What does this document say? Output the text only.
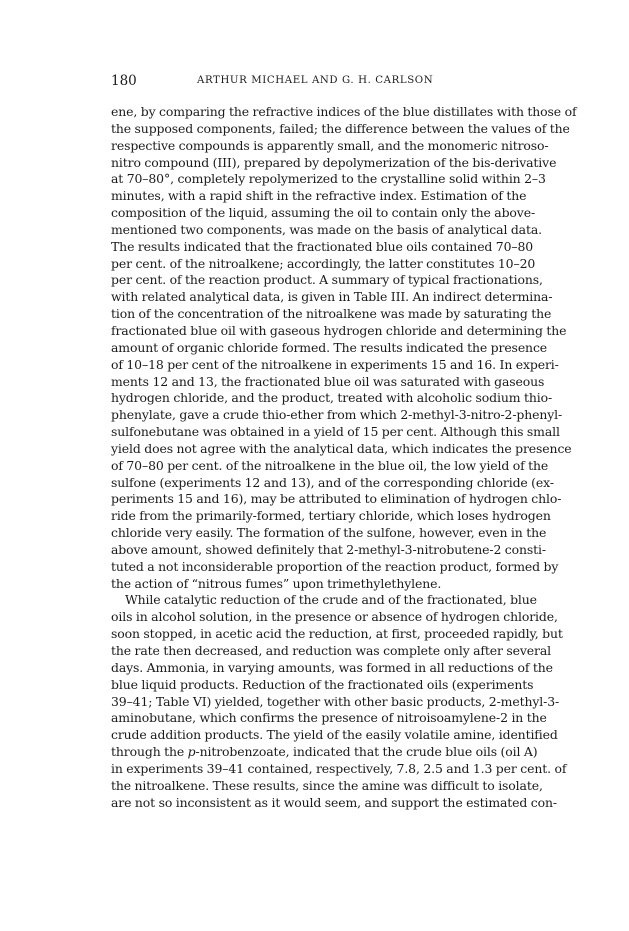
180	ARTHUR MICHAEL AND G. H. CARLSON
ene, by comparing the refractive indices of the blue distillates with those of
the supposed components, failed; the difference between the values of the
respective compounds is apparently small, and the monomeric nitroso-
nitro compound (III), prepared by depolymerization of the bis-derivative
at 70–80°, completely repolymerized to the crystalline solid within 2–3
minutes, with a rapid shift in the refractive index. Estimation of the
composition of the liquid, assuming the oil to contain only the above-
mentioned two components, was made on the basis of analytical data.
The results indicated that the fractionated blue oils contained 70–80
per cent. of the nitroalkene; accordingly, the latter constitutes 10–20
per cent. of the reaction product. A summary of typical fractionations,
with related analytical data, is given in Table III. An indirect determina-
tion of the concentration of the nitroalkene was made by saturating the
fractionated blue oil with gaseous hydrogen chloride and determining the
amount of organic chloride formed. The results indicated the presence
of 10–18 per cent of the nitroalkene in experiments 15 and 16. In experi-
ments 12 and 13, the fractionated blue oil was saturated with gaseous
hydrogen chloride, and the product, treated with alcoholic sodium thio-
phenylate, gave a crude thio-ether from which 2-methyl-3-nitro-2-phenyl-
sulfonebutane was obtained in a yield of 15 per cent. Although this small
yield does not agree with the analytical data, which indicates the presence
of 70–80 per cent. of the nitroalkene in the blue oil, the low yield of the
sulfone (experiments 12 and 13), and of the corresponding chloride (ex-
periments 15 and 16), may be attributed to elimination of hydrogen chlo-
ride from the primarily-formed, tertiary chloride, which loses hydrogen
chloride very easily. The formation of the sulfone, however, even in the
above amount, showed definitely that 2-methyl-3-nitrobutene-2 consti-
tuted a not inconsiderable proportion of the reaction product, formed by
the action of “nitrous fumes” upon trimethylethylene.
While catalytic reduction of the crude and of the fractionated, blue
oils in alcohol solution, in the presence or absence of hydrogen chloride,
soon stopped, in acetic acid the reduction, at first, proceeded rapidly, but
the rate then decreased, and reduction was complete only after several
days. Ammonia, in varying amounts, was formed in all reductions of the
blue liquid products. Reduction of the fractionated oils (experiments
39–41; Table VI) yielded, together with other basic products, 2-methyl-3-
aminobutane, which confirms the presence of nitroisoamylene-2 in the
crude addition products. The yield of the easily volatile amine, identified
through the p-nitrobenzoate, indicated that the crude blue oils (oil A)
in experiments 39–41 contained, respectively, 7.8, 2.5 and 1.3 per cent. of
the nitroalkene. These results, since the amine was difficult to isolate,
are not so inconsistent as it would seem, and support the estimated con-
